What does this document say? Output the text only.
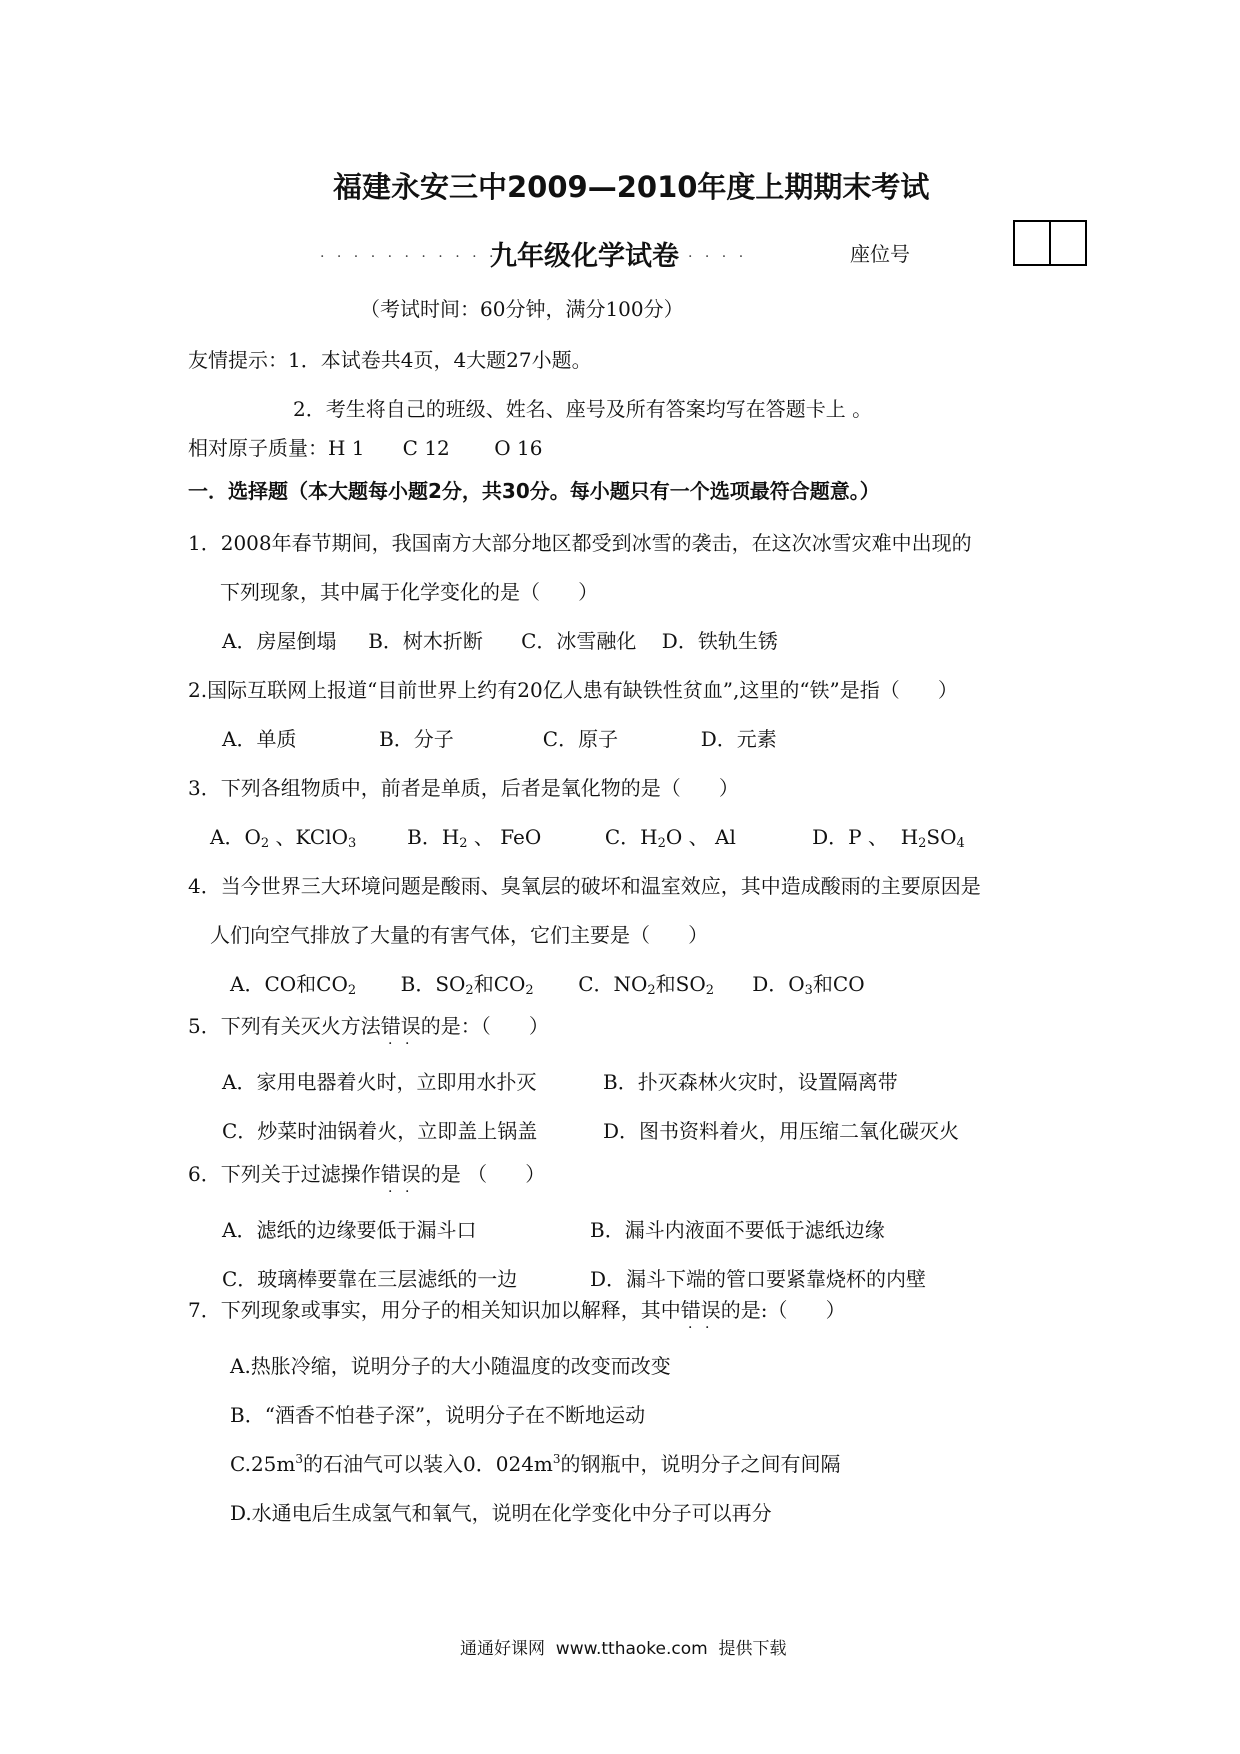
福建永安三中2009—2010年度上期期末考试
. . . . . . . . . . . . .
九年级化学试卷 . . . .	座位号
（考试时间：60分钟，满分100分）
友情提示：1．本试卷共4页，4大题27小题。
2．考生将自己的班级、姓名、座号及所有答案均写在答题卡上 。
相对原子质量：H 1      C 12       O 16
一．选择题（本大题每小题2分，共30分。每小题只有一个选项最符合题意。）
1．2008年春节期间，我国南方大部分地区都受到冰雪的袭击，在这次冰雪灾难中出现的
下列现象，其中属于化学变化的是（      ）
A．房屋倒塌     B．树木折断      C．冰雪融化    D．铁轨生锈
2.国际互联网上报道“目前世界上约有20亿人患有缺铁性贫血”,这里的“铁”是指（      ）
A．单质             B．分子              C．原子             D．元素
3．下列各组物质中，前者是单质，后者是氧化物的是（      ）
A．$O_2$ 、KClO$_3$        B．$H_2$ 、 FeO          C．$H_2O$ 、 Al            D．P 、  $H_2SO_4$
4．当今世界三大环境问题是酸雨、臭氧层的破坏和温室效应，其中造成酸雨的主要原因是
人们向空气排放了大量的有害气体，它们主要是（      ）
A．CO和$CO_2$       B．$SO_2$和$CO_2$       C．$NO_2$和$SO_2$      D．$O_3$和CO
5．下列有关灭火方法错误 · ·的是：（      ）
A．家用电器着火时，立即用水扑灭	B．扑灭森林火灾时，设置隔离带
C．炒菜时油锅着火，立即盖上锅盖	D．图书资料着火，用压缩二氧化碳灭火
6．下列关于过滤操作错误 · ·的是 （      ）
A．滤纸的边缘要低于漏斗口	B．漏斗内液面不要低于滤纸边缘
C．玻璃棒要靠在三层滤纸的一边	D．漏斗下端的管口要紧靠烧杯的内壁
7．下列现象或事实，用分子的相关知识加以解释，其中错误 · ·的是:（      ）
A.热胀冷缩，说明分子的大小随温度的改变而改变
B．“酒香不怕巷子深”，说明分子在不断地运动
$C.25m^3$的石油气可以装入0．$024m^3$的钢瓶中，说明分子之间有间隔
D.水通电后生成氢气和氧气，说明在化学变化中分子可以再分
通通好课网  www.tthaoke.com  提供下载
